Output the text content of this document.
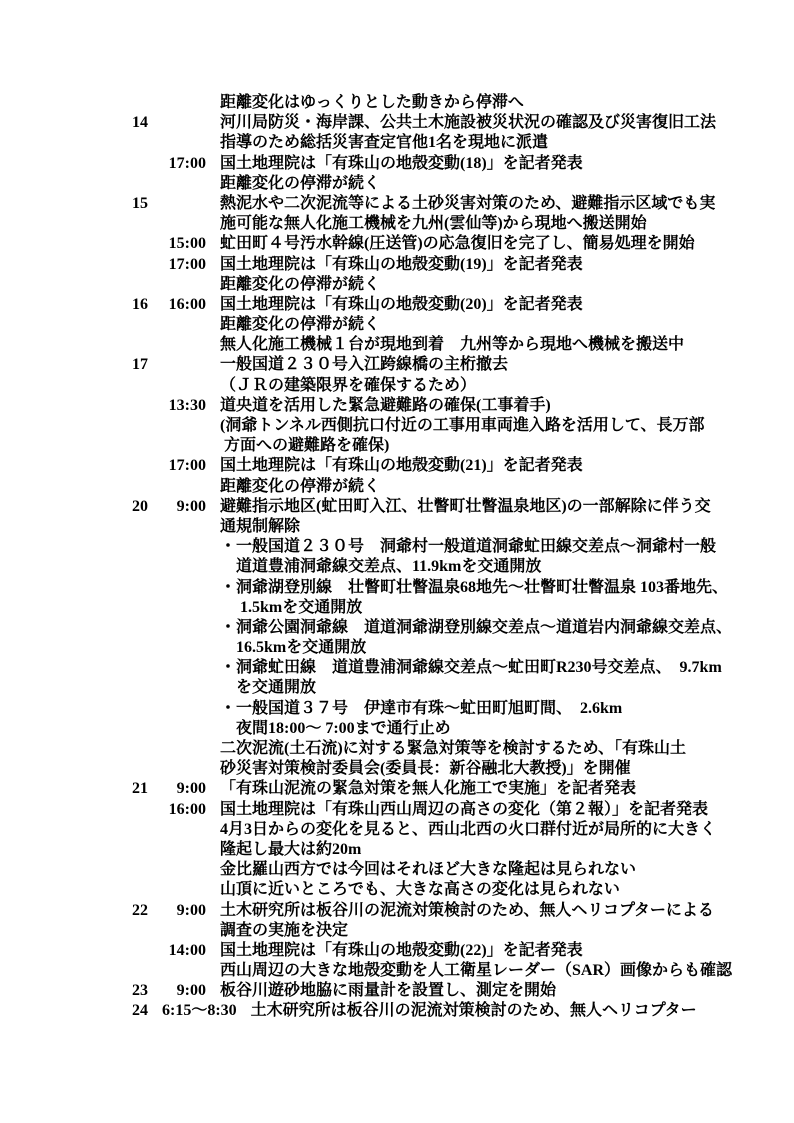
距離変化はゆっくりとした動きから停滞へ
14	河川局防災・海岸課、公共土木施設被災状況の確認及び災害復旧工法
指導のため総括災害査定官他1名を現地に派遣
17:00 国土地理院は「有珠山の地殻変動(18)」を記者発表
距離変化の停滞が続く
15	熱泥水や二次泥流等による土砂災害対策のため、避難指示区域でも実
施可能な無人化施工機械を九州(雲仙等)から現地へ搬送開始
15:00 虻田町４号汚水幹線(圧送管)の応急復旧を完了し、簡易処理を開始
17:00 国土地理院は「有珠山の地殻変動(19)」を記者発表
距離変化の停滞が続く
16	16:00 国土地理院は「有珠山の地殻変動(20)」を記者発表
距離変化の停滞が続く
無人化施工機械１台が現地到着　九州等から現地へ機械を搬送中
17	一般国道２３０号入江跨線橋の主桁撤去
（ＪＲの建築限界を確保するため）
13:30 道央道を活用した緊急避難路の確保(工事着手)
(洞爺トンネル西側抗口付近の工事用車両進入路を活用して、長万部
方面への避難路を確保)
17:00 国土地理院は「有珠山の地殻変動(21)」を記者発表
距離変化の停滞が続く
20	9:00 避難指示地区(虻田町入江、壮瞥町壮瞥温泉地区)の一部解除に伴う交
通規制解除
・一般国道２３０号　洞爺村一般道道洞爺虻田線交差点～洞爺村一般
　道道豊浦洞爺線交差点、11.9kmを交通開放
・洞爺湖登別線　壮瞥町壮瞥温泉68地先～壮瞥町壮瞥温泉 103番地先、
　 1.5kmを交通開放
・洞爺公園洞爺線　道道洞爺湖登別線交差点～道道岩内洞爺線交差点、
　16.5kmを交通開放
・洞爺虻田線　道道豊浦洞爺線交差点～虻田町R230号交差点、　9.7km
　を交通開放
・一般国道３７号　伊達市有珠～虻田町旭町間、　2.6km
　夜間18:00～ 7:00まで通行止め
二次泥流(土石流)に対する緊急対策等を検討するため、「有珠山土
砂災害対策検討委員会(委員長：新谷融北大教授)」を開催
21	9:00 「有珠山泥流の緊急対策を無人化施工で実施」を記者発表
16:00 国土地理院は「有珠山西山周辺の高さの変化（第２報）」を記者発表
4月3日からの変化を見ると、西山北西の火口群付近が局所的に大きく
隆起し最大は約20m
金比羅山西方では今回はそれほど大きな隆起は見られない
山頂に近いところでも、大きな高さの変化は見られない
22	9:00 土木研究所は板谷川の泥流対策検討のため、無人ヘリコプターによる
調査の実施を決定
14:00 国土地理院は「有珠山の地殻変動(22)」を記者発表
西山周辺の大きな地殻変動を人工衛星レーダー（SAR）画像からも確認
23	9:00 板谷川遊砂地脇に雨量計を設置し、測定を開始
24 6:15～8:30 土木研究所は板谷川の泥流対策検討のため、無人ヘリコプター
